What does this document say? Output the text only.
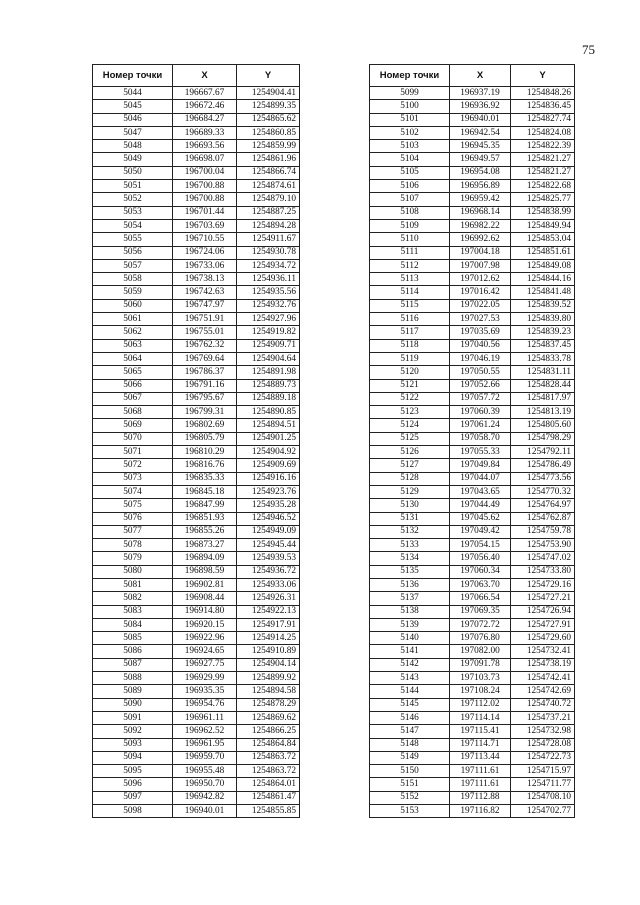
75
Номер точки	X	Y
5044	196667.67	1254904.41
5045	196672.46	1254899.35
5046	196684.27	1254865.62
5047	196689.33	1254860.85
5048	196693.56	1254859.99
5049	196698.07	1254861.96
5050	196700.04	1254866.74
5051	196700.88	1254874.61
5052	196700.88	1254879.10
5053	196701.44	1254887.25
5054	196703.69	1254894.28
5055	196710.55	1254911.67
5056	196724.06	1254930.78
5057	196733.06	1254934.72
5058	196738.13	1254936.11
5059	196742.63	1254935.56
5060	196747.97	1254932.76
5061	196751.91	1254927.96
5062	196755.01	1254919.82
5063	196762.32	1254909.71
5064	196769.64	1254904.64
5065	196786.37	1254891.98
5066	196791.16	1254889.73
5067	196795.67	1254889.18
5068	196799.31	1254890.85
5069	196802.69	1254894.51
5070	196805.79	1254901.25
5071	196810.29	1254904.92
5072	196816.76	1254909.69
5073	196835.33	1254916.16
5074	196845.18	1254923.76
5075	196847.99	1254935.28
5076	196851.93	1254946.52
5077	196855.26	1254949.09
5078	196873.27	1254945.44
5079	196894.09	1254939.53
5080	196898.59	1254936.72
5081	196902.81	1254933.06
5082	196908.44	1254926.31
5083	196914.80	1254922.13
5084	196920.15	1254917.91
5085	196922.96	1254914.25
5086	196924.65	1254910.89
5087	196927.75	1254904.14
5088	196929.99	1254899.92
5089	196935.35	1254894.58
5090	196954.76	1254878.29
5091	196961.11	1254869.62
5092	196962.52	1254866.25
5093	196961.95	1254864.84
5094	196959.70	1254863.72
5095	196955.48	1254863.72
5096	196950.70	1254864.01
5097	196942.82	1254861.47
5098	196940.01	1254855.85
Номер точки	X	Y
5099	196937.19	1254848.26
5100	196936.92	1254836.45
5101	196940.01	1254827.74
5102	196942.54	1254824.08
5103	196945.35	1254822.39
5104	196949.57	1254821.27
5105	196954.08	1254821.27
5106	196956.89	1254822.68
5107	196959.42	1254825.77
5108	196968.14	1254838.99
5109	196982.22	1254849.94
5110	196992.62	1254853.04
5111	197004.18	1254851.61
5112	197007.98	1254849.08
5113	197012.62	1254844.16
5114	197016.42	1254841.48
5115	197022.05	1254839.52
5116	197027.53	1254839.80
5117	197035.69	1254839.23
5118	197040.56	1254837.45
5119	197046.19	1254833.78
5120	197050.55	1254831.11
5121	197052.66	1254828.44
5122	197057.72	1254817.97
5123	197060.39	1254813.19
5124	197061.24	1254805.60
5125	197058.70	1254798.29
5126	197055.33	1254792.11
5127	197049.84	1254786.49
5128	197044.07	1254773.56
5129	197043.65	1254770.32
5130	197044.49	1254764.97
5131	197045.62	1254762.87
5132	197049.42	1254759.78
5133	197054.15	1254753.90
5134	197056.40	1254747.02
5135	197060.34	1254733.80
5136	197063.70	1254729.16
5137	197066.54	1254727.21
5138	197069.35	1254726.94
5139	197072.72	1254727.91
5140	197076.80	1254729.60
5141	197082.00	1254732.41
5142	197091.78	1254738.19
5143	197103.73	1254742.41
5144	197108.24	1254742.69
5145	197112.02	1254740.72
5146	197114.14	1254737.21
5147	197115.41	1254732.98
5148	197114.71	1254728.08
5149	197113.44	1254722.73
5150	197111.61	1254715.97
5151	197111.61	1254711.77
5152	197112.88	1254708.10
5153	197116.82	1254702.77
